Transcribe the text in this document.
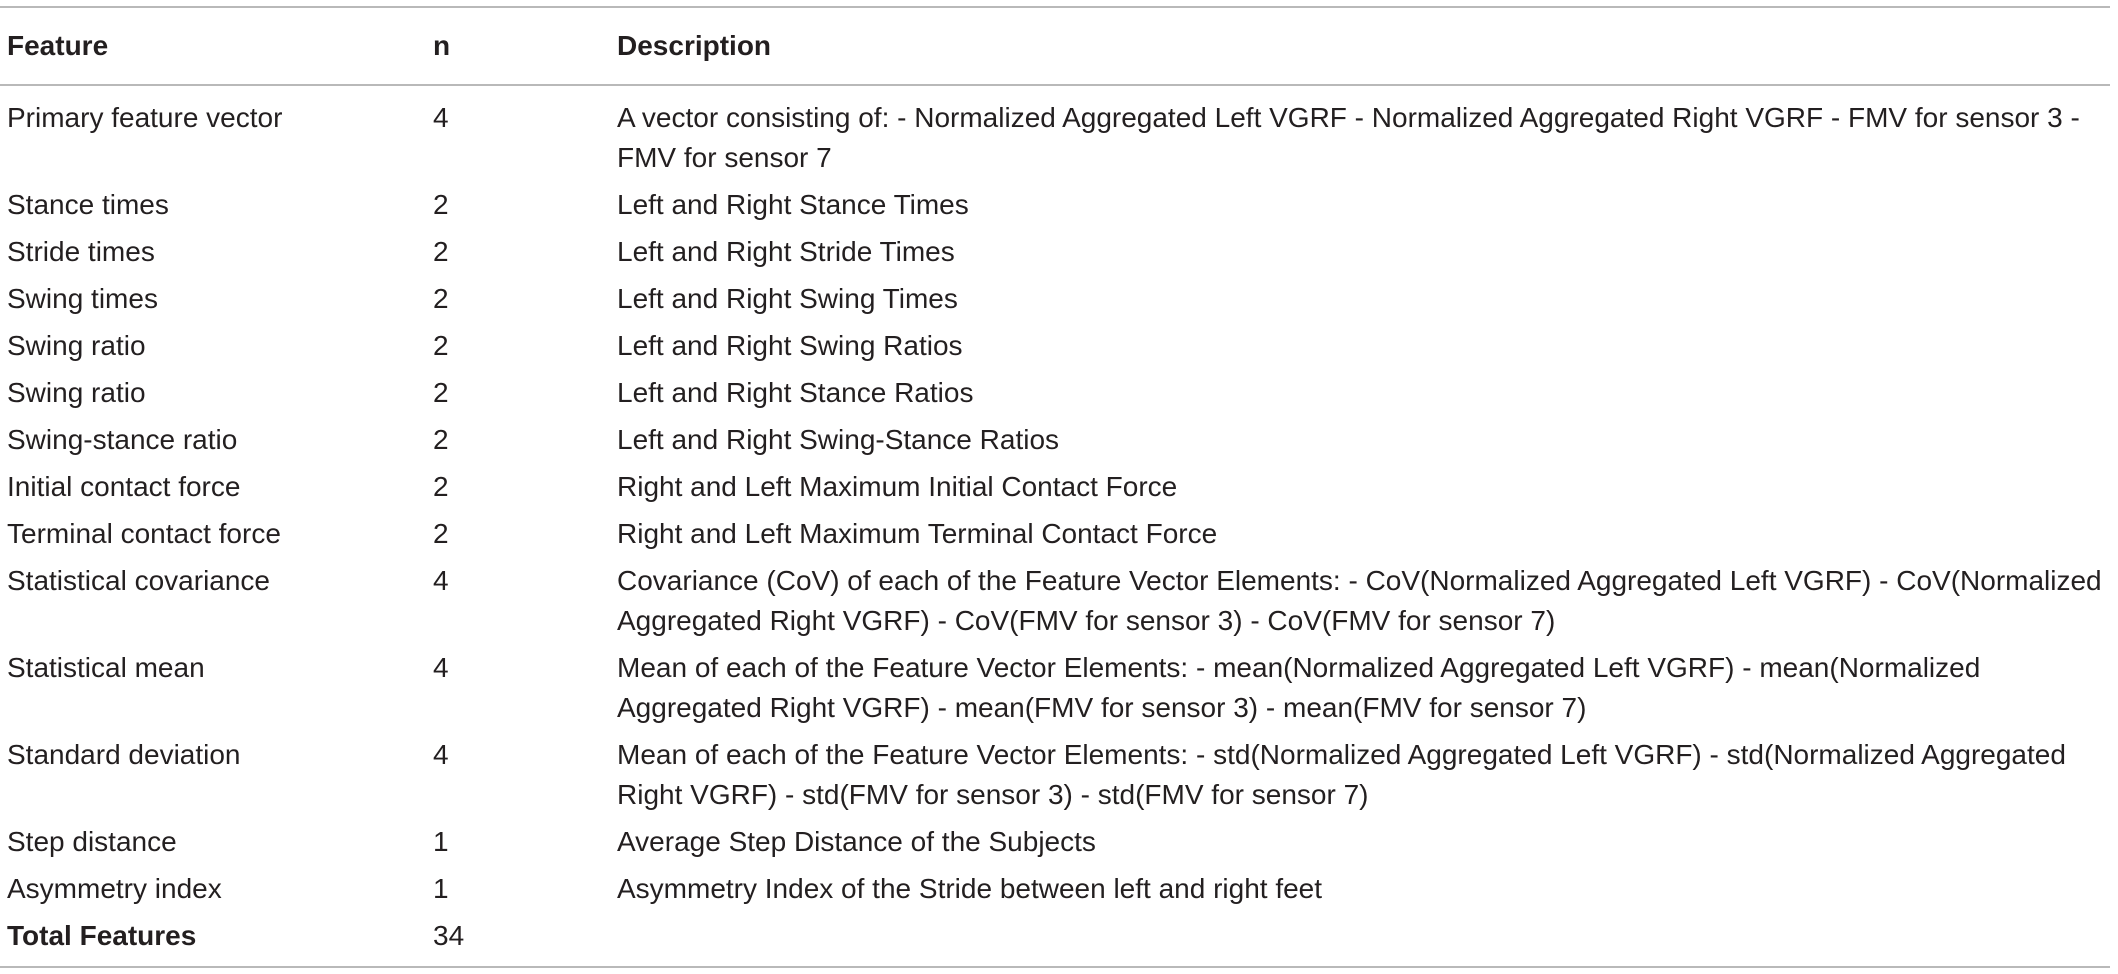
Feature	n	Description
Primary feature vector	4	A vector consisting of: - Normalized Aggregated Left VGRF - Normalized Aggregated Right VGRF - FMV for sensor 3 - FMV for sensor 7
Stance times	2	Left and Right Stance Times
Stride times	2	Left and Right Stride Times
Swing times	2	Left and Right Swing Times
Swing ratio	2	Left and Right Swing Ratios
Swing ratio	2	Left and Right Stance Ratios
Swing-stance ratio	2	Left and Right Swing-Stance Ratios
Initial contact force	2	Right and Left Maximum Initial Contact Force
Terminal contact force	2	Right and Left Maximum Terminal Contact Force
Statistical covariance	4	Covariance (CoV) of each of the Feature Vector Elements: - CoV(Normalized Aggregated Left VGRF) - CoV(Normalized Aggregated Right VGRF) - CoV(FMV for sensor 3) - CoV(FMV for sensor 7)
Statistical mean	4	Mean of each of the Feature Vector Elements: - mean(Normalized Aggregated Left VGRF) - mean(Normalized Aggregated Right VGRF) - mean(FMV for sensor 3) - mean(FMV for sensor 7)
Standard deviation	4	Mean of each of the Feature Vector Elements: - std(Normalized Aggregated Left VGRF) - std(Normalized Aggregated Right VGRF) - std(FMV for sensor 3) - std(FMV for sensor 7)
Step distance	1	Average Step Distance of the Subjects
Asymmetry index	1	Asymmetry Index of the Stride between left and right feet
Total Features	34	
